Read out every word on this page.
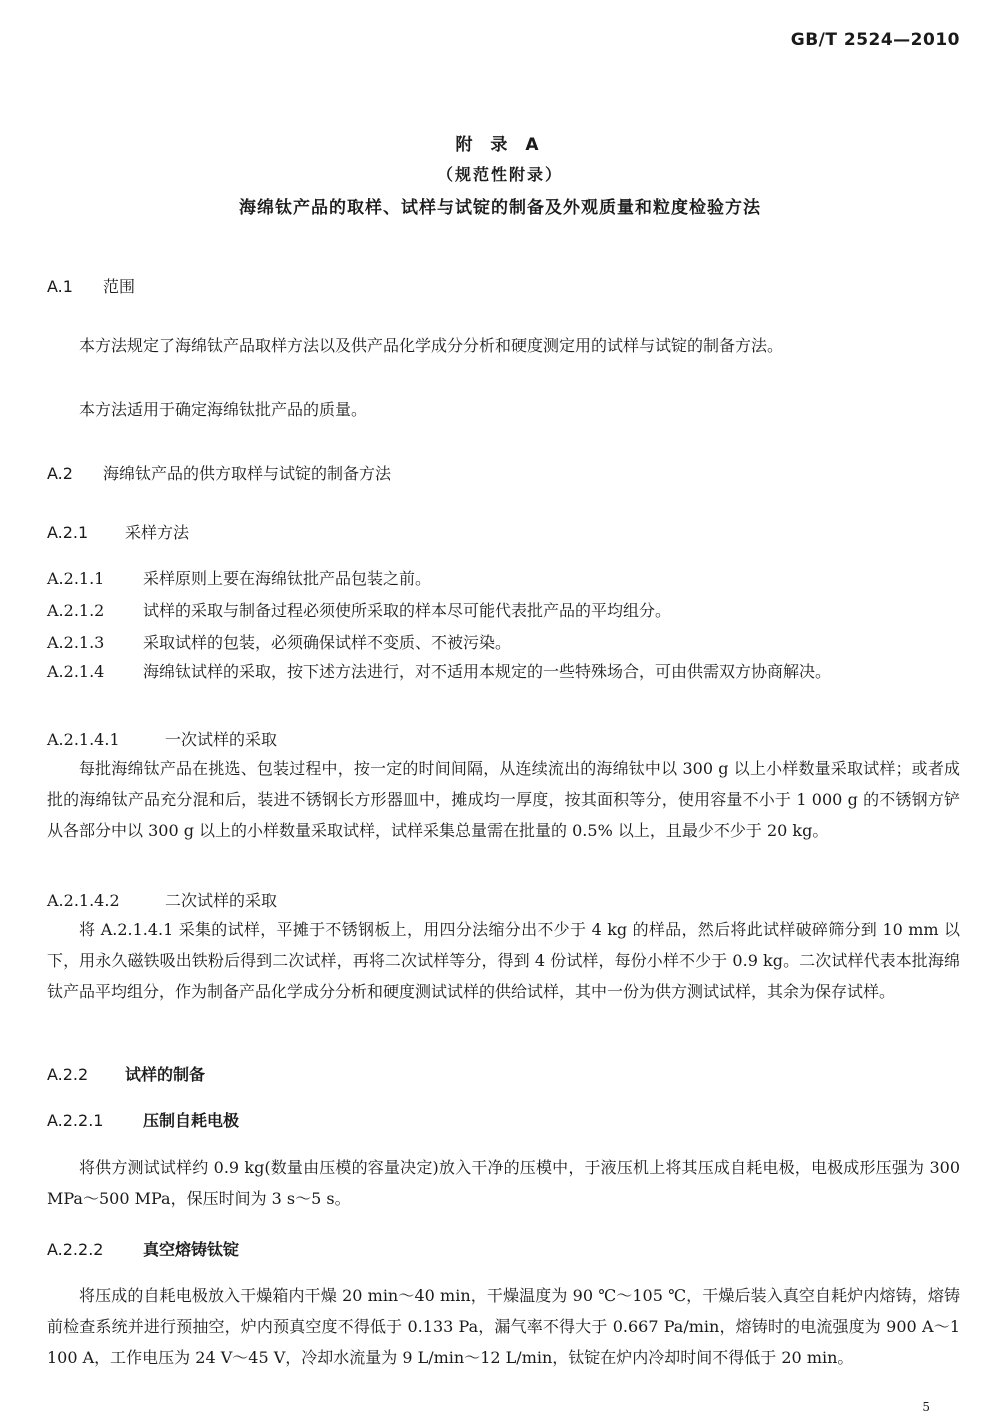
GB/T 2524—2010
附 录 A
（规范性附录）
海绵钛产品的取样、试样与试锭的制备及外观质量和粒度检验方法
A.1 范围
本方法规定了海绵钛产品取样方法以及供产品化学成分分析和硬度测定用的试样与试锭的制备方法。
本方法适用于确定海绵钛批产品的质量。
A.2 海绵钛产品的供方取样与试锭的制备方法
A.2.1 采样方法
A.2.1.1 采样原则上要在海绵钛批产品包装之前。
A.2.1.2 试样的采取与制备过程必须使所采取的样本尽可能代表批产品的平均组分。
A.2.1.3 采取试样的包装，必须确保试样不变质、不被污染。
A.2.1.4 海绵钛试样的采取，按下述方法进行，对不适用本规定的一些特殊场合，可由供需双方协商解决。
A.2.1.4.1	一次试样的采取
每批海绵钛产品在挑选、包装过程中，按一定的时间间隔，从连续流出的海绵钛中以 300 g 以上小样数量采取试样；或者成批的海绵钛产品充分混和后，装进不锈钢长方形器皿中，摊成均一厚度，按其面积等分，使用容量不小于 1 000 g 的不锈钢方铲从各部分中以 300 g 以上的小样数量采取试样，试样采集总量需在批量的 0.5% 以上，且最少不少于 20 kg。
A.2.1.4.2	二次试样的采取
将 A.2.1.4.1 采集的试样，平摊于不锈钢板上，用四分法缩分出不少于 4 kg 的样品，然后将此试样破碎筛分到 10 mm 以下，用永久磁铁吸出铁粉后得到二次试样，再将二次试样等分，得到 4 份试样，每份小样不少于 0.9 kg。二次试样代表本批海绵钛产品平均组分，作为制备产品化学成分分析和硬度测试试样的供给试样，其中一份为供方测试试样，其余为保存试样。
A.2.2 试样的制备
A.2.2.1 压制自耗电极
将供方测试试样约 0.9 kg(数量由压模的容量决定)放入干净的压模中，于液压机上将其压成自耗电极，电极成形压强为 300 MPa～500 MPa，保压时间为 3 s～5 s。
A.2.2.2 真空熔铸钛锭
将压成的自耗电极放入干燥箱内干燥 20 min～40 min，干燥温度为 90 ℃～105 ℃，干燥后装入真空自耗炉内熔铸，熔铸前检查系统并进行预抽空，炉内预真空度不得低于 0.133 Pa，漏气率不得大于 0.667 Pa/min，熔铸时的电流强度为 900 A～1 100 A，工作电压为 24 V～45 V，冷却水流量为 9 L/min～12 L/min，钛锭在炉内冷却时间不得低于 20 min。
5
